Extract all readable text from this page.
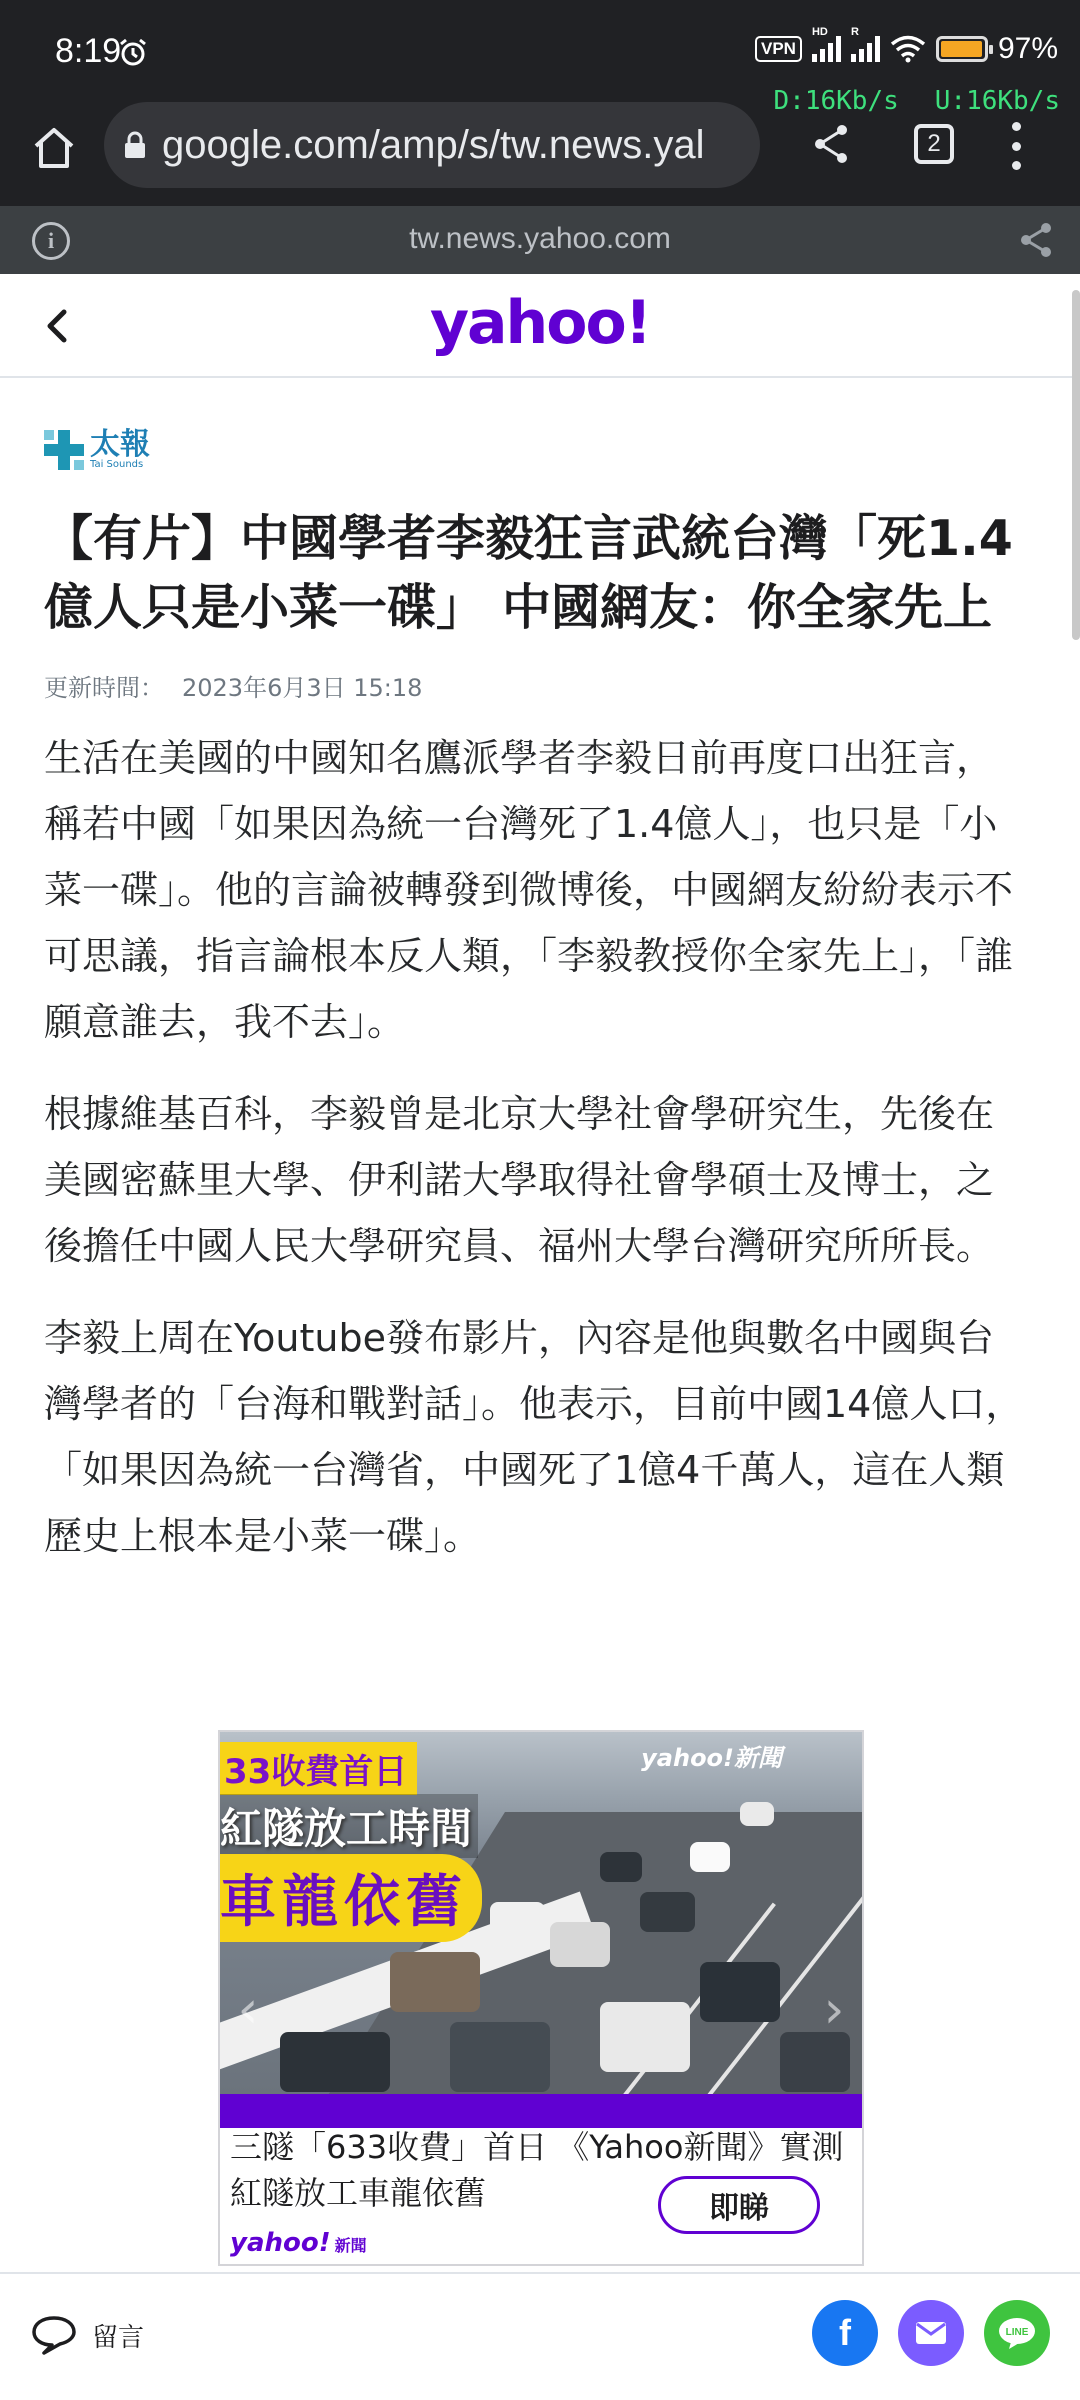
8:19	VPN
HD R	97%
D:16Kb/s U:16Kb/s
google.com/amp/s/tw.news.yal	2
i	tw.news.yahoo.com
yahoo!
太報
Tai Sounds
【有片】中國學者李毅狂言武統台灣「死1.4億人只是小菜一碟」 中國網友：你全家先上
更新時間： 2023年6月3日 15:18

生活在美國的中國知名鷹派學者李毅日前再度口出狂言，稱若中國「如果因為統一台灣死了1.4億人」，也只是「小菜一碟」。他的言論被轉發到微博後，中國網友紛紛表示不可思議，指言論根本反人類，「李毅教授你全家先上」，「誰願意誰去，我不去」。

根據維基百科，李毅曾是北京大學社會學研究生，先後在美國密蘇里大學、伊利諾大學取得社會學碩士及博士，之後擔任中國人民大學研究員、福州大學台灣研究所所長。

李毅上周在Youtube發布影片，內容是他與數名中國與台灣學者的「台海和戰對話」。他表示，目前中國14億人口，「如果因為統一台灣省，中國死了1億4千萬人，這在人類歷史上根本是小菜一碟」。

33收費首日
紅隧放工時間
車龍依舊
yahoo!新聞
‹	›
三隧「633收費」首日 《Yahoo新聞》實測 紅隧放工車龍依舊	即睇
yahoo! 新聞
留言	f	LINE
